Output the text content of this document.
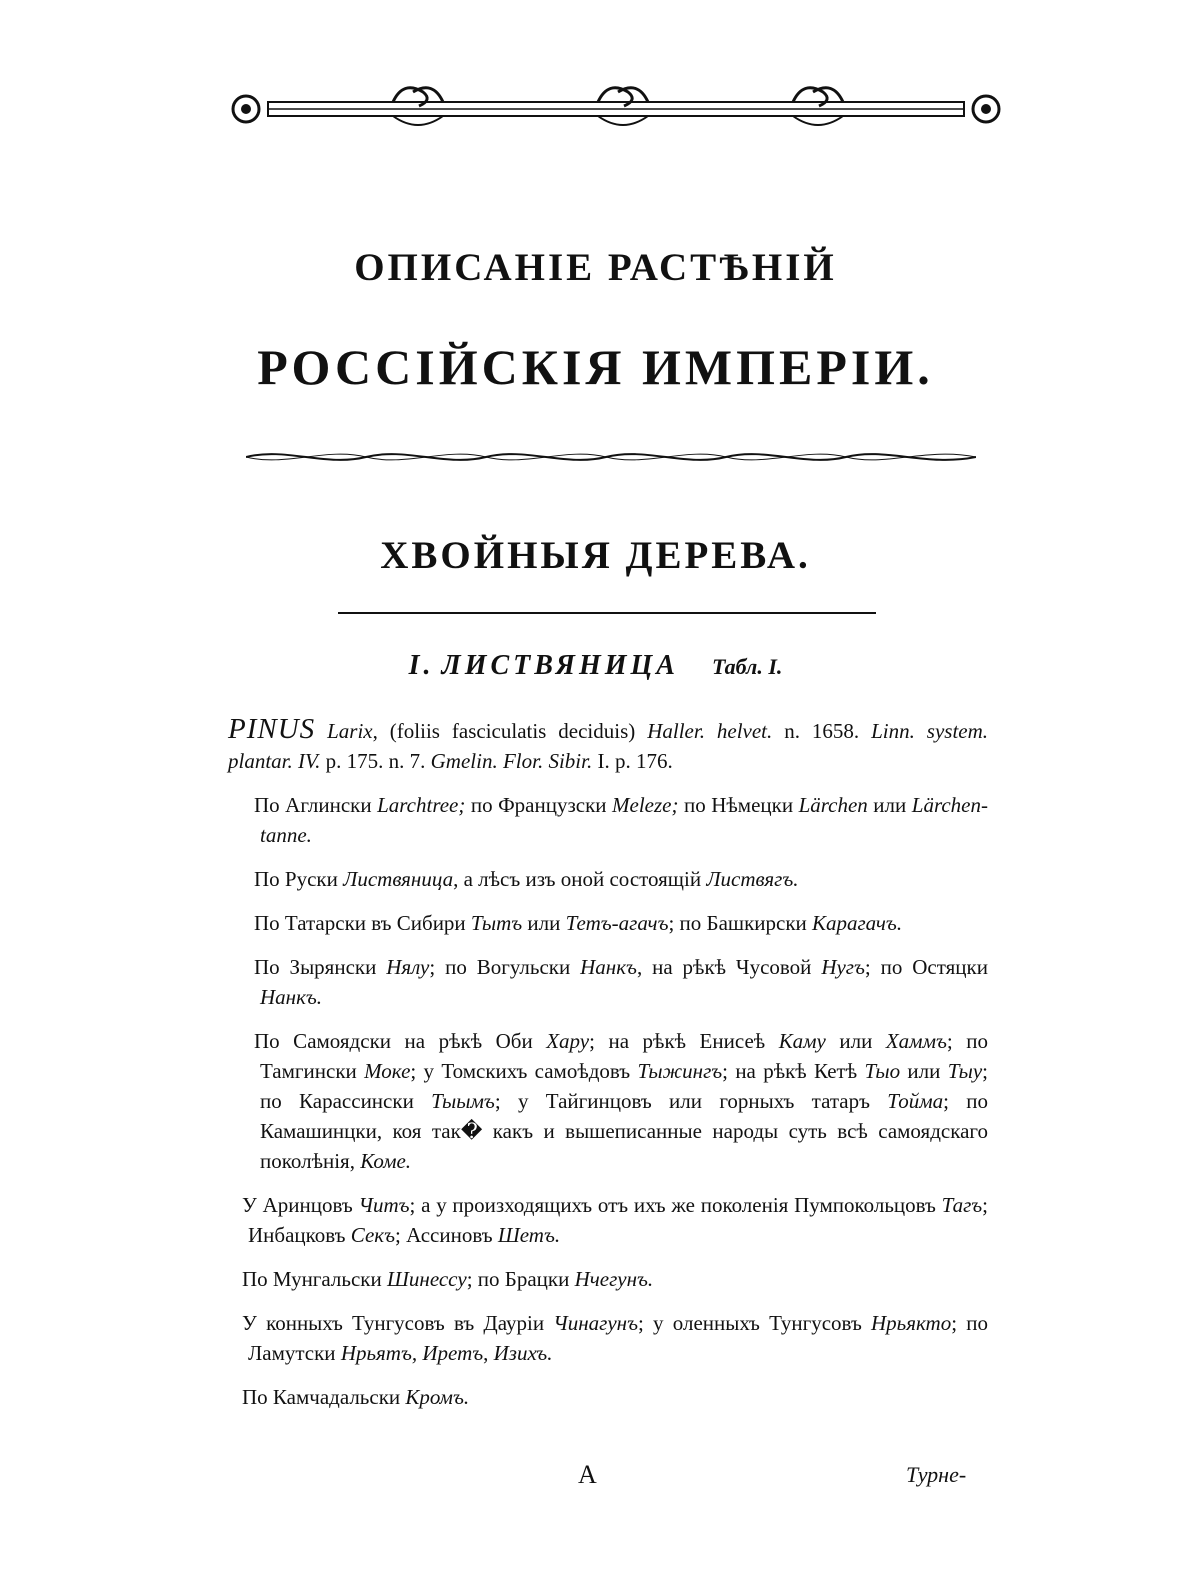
ОПИСАНІЕ РАСТѢНІЙ
РОССІЙСКІЯ ИМПЕРІИ.
ХВОЙНЫЯ ДЕРЕВА.
I. ЛИСТВЯНИЦА Табл. I.

PINUS Larix, (foliis fasciculatis deciduis) Haller. helvet. n. 1658. Linn. system. plantar. IV. p. 175. n. 7. Gmelin. Flor. Sibir. I. p. 176.

По Аглински Larchtree; по Французски Meleze; по Нѣмецки Lärchen или Lärchen-tanne.

По Руски Листвяница, а лѣсъ изъ оной состоящій Листвягъ.

По Татарски въ Сибири Тытъ или Тетъ-агачъ; по Башкирски Карагачъ.

По Зырянски Нялу; по Вогульски Нанкъ, на рѣкѣ Чусовой Нугъ; по Остяцки Нанкъ.

По Самоядски на рѣкѣ Оби Хару; на рѣкѣ Енисеѣ Каму или Хаммъ; по Тамгински Моке; у Томскихъ самоѣдовъ Тыжингъ; на рѣкѣ Кетѣ Тыо или Тыу; по Карассински Тыымъ; у Тайгинцовъ или горныхъ татаръ Тойма; по Камашинцки, коя так� какъ и вышеписанные народы суть всѣ самоядскаго поколѣнія, Коме.

У Аринцовъ Читъ; а у произходящихъ отъ ихъ же поколенія Пумпокольцовъ Тагъ; Инбацковъ Секъ; Ассиновъ Шетъ.

По Мунгальски Шинессу; по Брацки Нчегунъ.

У конныхъ Тунгусовъ въ Дауріи Чинагунъ; у оленныхъ Тунгусовъ Нрьякто; по Ламутски Нрьятъ, Иретъ, Изихъ.

По Камчадальски Кромъ.

A	Турне-
